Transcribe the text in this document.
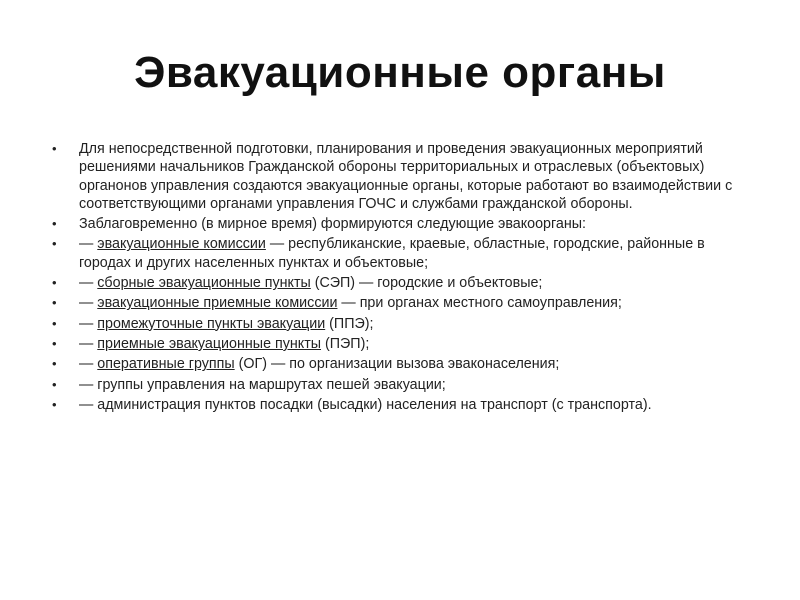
Эвакуационные органы
• Для непосредственной подготовки, планирования и проведения эвакуационных мероприятий решениями начальников Гражданской обороны территориальных и отраслевых (объектовых) органонов управления создаются эвакуационные органы, которые работают во взаимодействии с соответствующими органами управления ГОЧС и службами гражданской обороны.
• Заблаговременно (в мирное время) формируются следующие эвакоорганы:
• — эвакуационные комиссии — республиканские, краевые, областные, городские, районные в городах и других населенных пунктах и объектовые;
• — сборные эвакуационные пункты (СЭП) — городские и объектовые;
• — эвакуационные приемные комиссии — при органах местного самоуправления;
• — промежуточные пункты эвакуации (ППЭ);
• — приемные эвакуационные пункты (ПЭП);
• — оперативные группы (ОГ) — по организации вызова эвaконаселения;
• — группы управления на маршрутах пешей эвакуации;
• — администрация пунктов посадки (высадки) населения на транспорт (с транспорта).
